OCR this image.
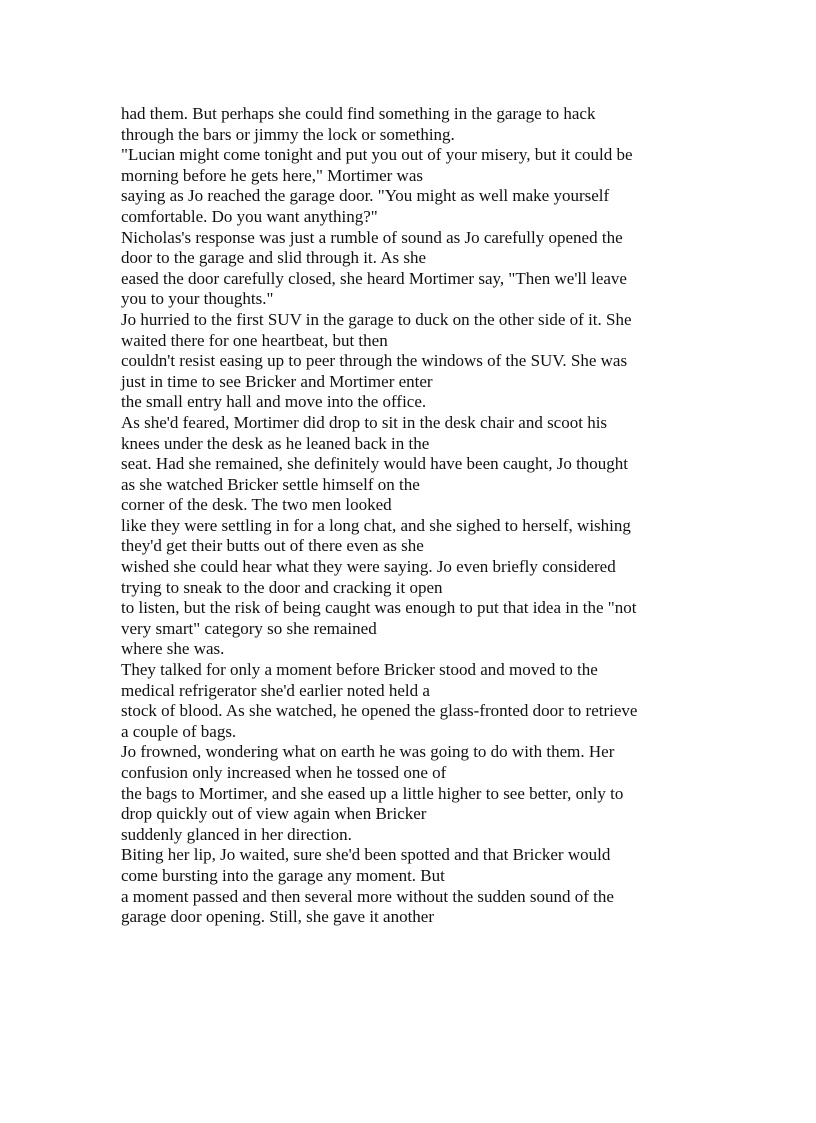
had them. But perhaps she could find something in the garage to hack
through the bars or jimmy the lock or something.
"Lucian might come tonight and put you out of your misery, but it could be
morning before he gets here," Mortimer was
saying as Jo reached the garage door. "You might as well make yourself
comfortable. Do you want anything?"
Nicholas's response was just a rumble of sound as Jo carefully opened the
door to the garage and slid through it. As she
eased the door carefully closed, she heard Mortimer say, "Then we'll leave
you to your thoughts."
Jo hurried to the first SUV in the garage to duck on the other side of it. She
waited there for one heartbeat, but then
couldn't resist easing up to peer through the windows of the SUV. She was
just in time to see Bricker and Mortimer enter
the small entry hall and move into the office.
As she'd feared, Mortimer did drop to sit in the desk chair and scoot his
knees under the desk as he leaned back in the
seat. Had she remained, she definitely would have been caught, Jo thought
as she watched Bricker settle himself on the
corner of the desk. The two men looked
like they were settling in for a long chat, and she sighed to herself, wishing
they'd get their butts out of there even as she
wished she could hear what they were saying. Jo even briefly considered
trying to sneak to the door and cracking it open
to listen, but the risk of being caught was enough to put that idea in the "not
very smart" category so she remained
where she was.
They talked for only a moment before Bricker stood and moved to the
medical refrigerator she'd earlier noted held a
stock of blood. As she watched, he opened the glass-fronted door to retrieve
a couple of bags.
Jo frowned, wondering what on earth he was going to do with them. Her
confusion only increased when he tossed one of
the bags to Mortimer, and she eased up a little higher to see better, only to
drop quickly out of view again when Bricker
suddenly glanced in her direction.
Biting her lip, Jo waited, sure she'd been spotted and that Bricker would
come bursting into the garage any moment. But
a moment passed and then several more without the sudden sound of the
garage door opening. Still, she gave it another
